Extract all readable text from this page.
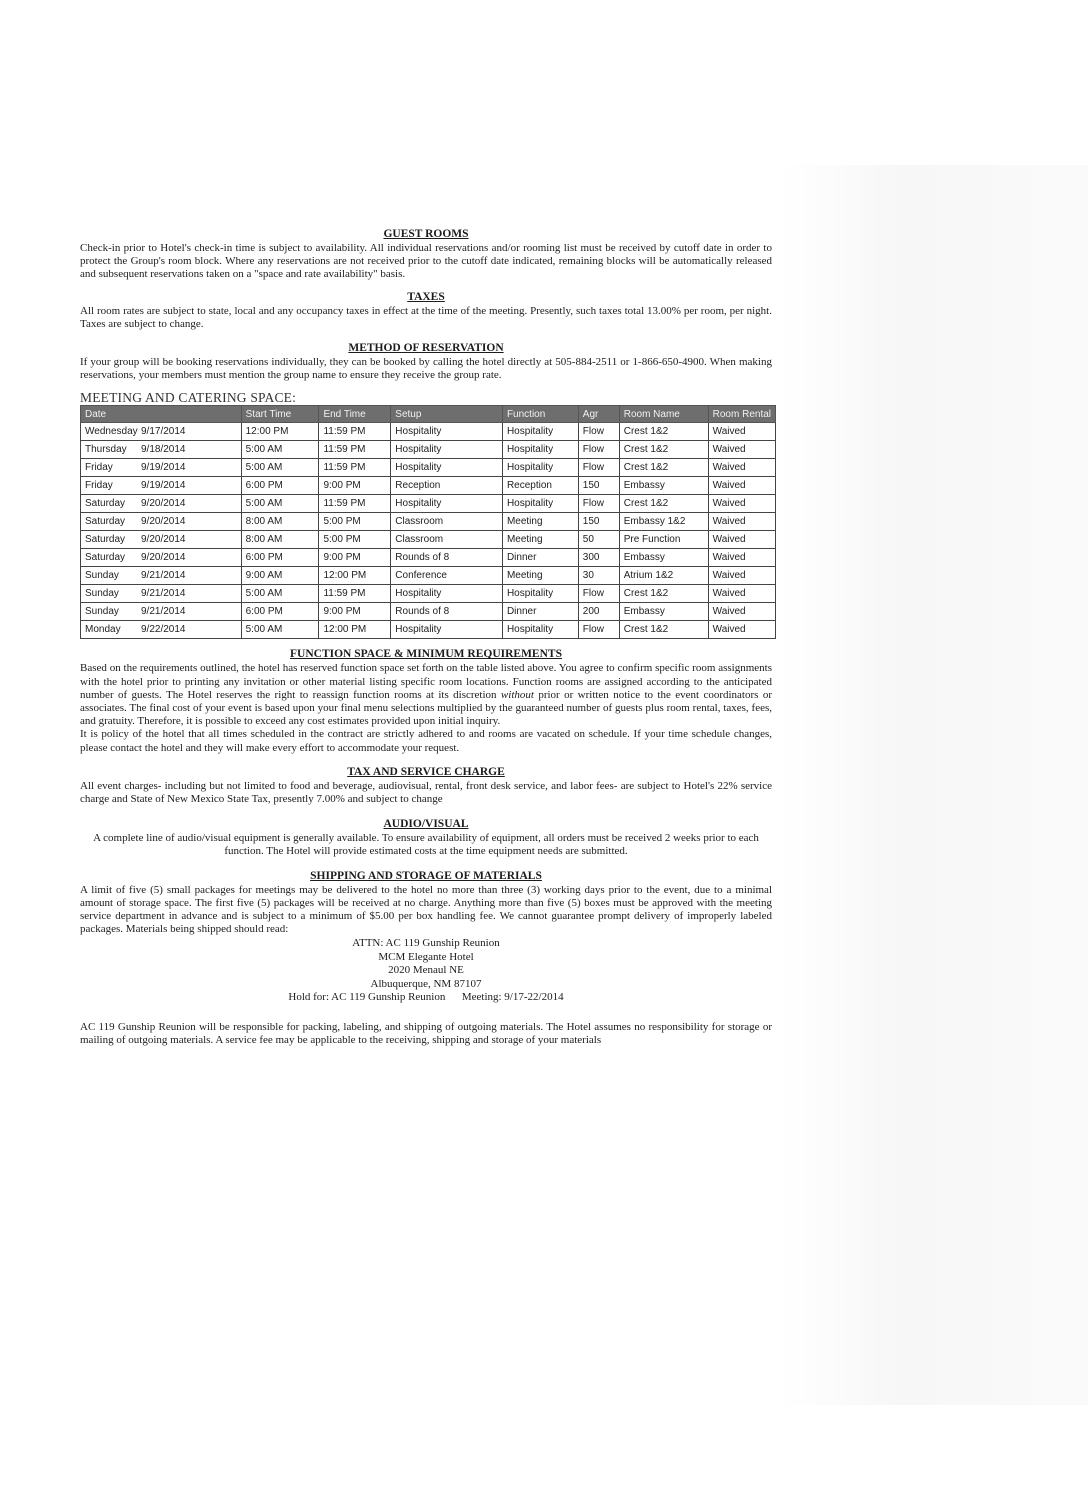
GUEST ROOMS

Check-in prior to Hotel's check-in time is subject to availability. All individual reservations and/or rooming list must be received by cutoff date in order to protect the Group's room block. Where any reservations are not received prior to the cutoff date indicated, remaining blocks will be automatically released and subsequent reservations taken on a "space and rate availability" basis.

TAXES

All room rates are subject to state, local and any occupancy taxes in effect at the time of the meeting. Presently, such taxes total 13.00% per room, per night. Taxes are subject to change.

METHOD OF RESERVATION

If your group will be booking reservations individually, they can be booked by calling the hotel directly at 505-884-2511 or 1-866-650-4900. When making reservations, your members must mention the group name to ensure they receive the group rate.

MEETING AND CATERING SPACE:

Date	Start Time	End Time	Setup	Function	Agr	Room Name	Room Rental
Wednesday 9/17/2014	12:00 PM	11:59 PM	Hospitality	Hospitality	Flow	Crest 1&2	Waived
Thursday 9/18/2014	5:00 AM	11:59 PM	Hospitality	Hospitality	Flow	Crest 1&2	Waived
Friday 9/19/2014	5:00 AM	11:59 PM	Hospitality	Hospitality	Flow	Crest 1&2	Waived
Friday 9/19/2014	6:00 PM	9:00 PM	Reception	Reception	150	Embassy	Waived
Saturday 9/20/2014	5:00 AM	11:59 PM	Hospitality	Hospitality	Flow	Crest 1&2	Waived
Saturday 9/20/2014	8:00 AM	5:00 PM	Classroom	Meeting	150	Embassy 1&2	Waived
Saturday 9/20/2014	8:00 AM	5:00 PM	Classroom	Meeting	50	Pre Function	Waived
Saturday 9/20/2014	6:00 PM	9:00 PM	Rounds of 8	Dinner	300	Embassy	Waived
Sunday 9/21/2014	9:00 AM	12:00 PM	Conference	Meeting	30	Atrium 1&2	Waived
Sunday 9/21/2014	5:00 AM	11:59 PM	Hospitality	Hospitality	Flow	Crest 1&2	Waived
Sunday 9/21/2014	6:00 PM	9:00 PM	Rounds of 8	Dinner	200	Embassy	Waived
Monday 9/22/2014	5:00 AM	12:00 PM	Hospitality	Hospitality	Flow	Crest 1&2	Waived

FUNCTION SPACE & MINIMUM REQUIREMENTS

Based on the requirements outlined, the hotel has reserved function space set forth on the table listed above. You agree to confirm specific room assignments with the hotel prior to printing any invitation or other material listing specific room locations. Function rooms are assigned according to the anticipated number of guests. The Hotel reserves the right to reassign function rooms at its discretion without prior or written notice to the event coordinators or associates. The final cost of your event is based upon your final menu selections multiplied by the guaranteed number of guests plus room rental, taxes, fees, and gratuity. Therefore, it is possible to exceed any cost estimates provided upon initial inquiry.

It is policy of the hotel that all times scheduled in the contract are strictly adhered to and rooms are vacated on schedule. If your time schedule changes, please contact the hotel and they will make every effort to accommodate your request.

TAX AND SERVICE CHARGE

All event charges- including but not limited to food and beverage, audiovisual, rental, front desk service, and labor fees- are subject to Hotel's 22% service charge and State of New Mexico State Tax, presently 7.00% and subject to change

AUDIO/VISUAL

A complete line of audio/visual equipment is generally available. To ensure availability of equipment, all orders must be received 2 weeks prior to each function. The Hotel will provide estimated costs at the time equipment needs are submitted.

SHIPPING AND STORAGE OF MATERIALS

A limit of five (5) small packages for meetings may be delivered to the hotel no more than three (3) working days prior to the event, due to a minimal amount of storage space. The first five (5) packages will be received at no charge. Anything more than five (5) boxes must be approved with the meeting service department in advance and is subject to a minimum of $5.00 per box handling fee. We cannot guarantee prompt delivery of improperly labeled packages. Materials being shipped should read:

ATTN: AC 119 Gunship Reunion

MCM Elegante Hotel

2020 Menaul NE

Albuquerque, NM 87107

Hold for: AC 119 Gunship Reunion      Meeting: 9/17-22/2014

AC 119 Gunship Reunion will be responsible for packing, labeling, and shipping of outgoing materials. The Hotel assumes no responsibility for storage or mailing of outgoing materials. A service fee may be applicable to the receiving, shipping and storage of your materials
